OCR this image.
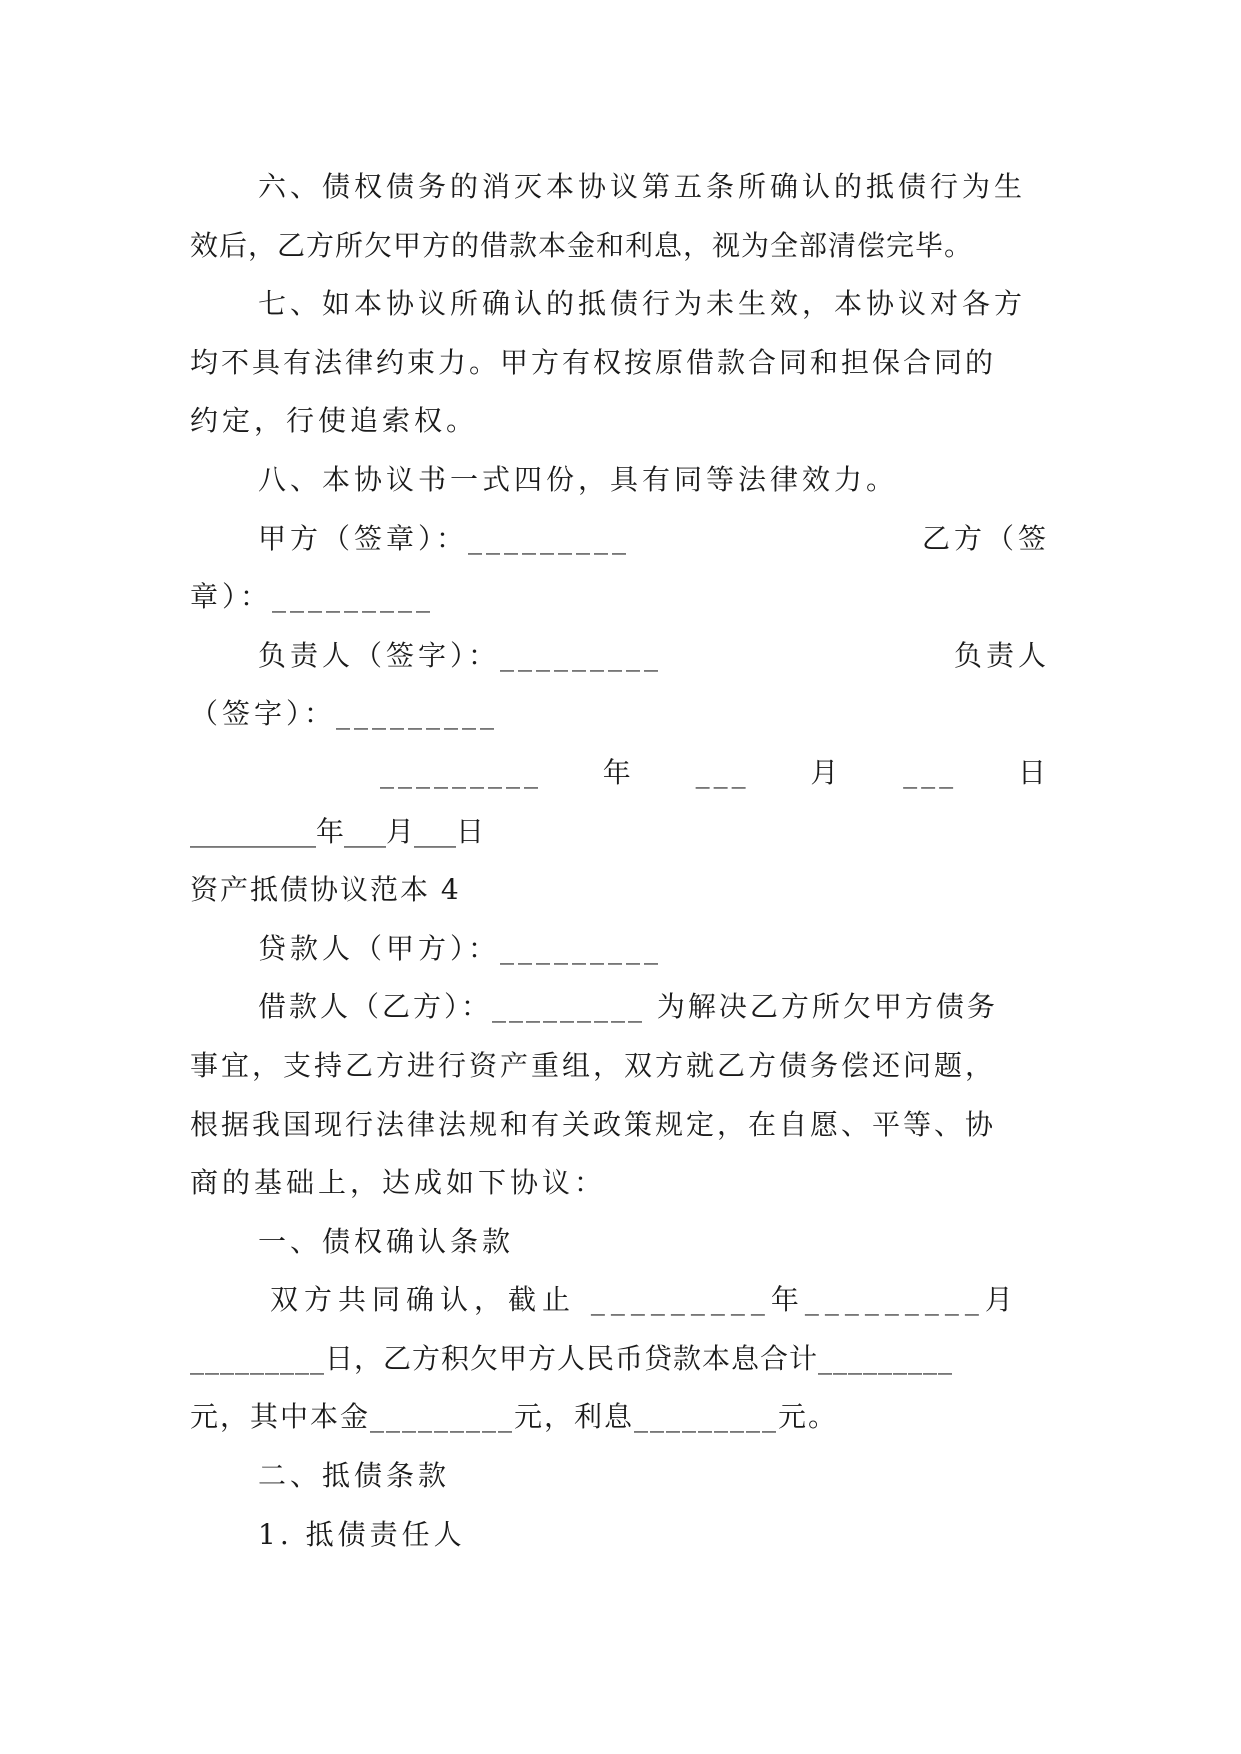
六、债权债务的消灭本协议第五条所确认的抵债行为生
效后，乙方所欠甲方的借款本金和利息，视为全部清偿完毕。
七、如本协议所确认的抵债行为未生效，本协议对各方
均不具有法律约束力。甲方有权按原借款合同和担保合同的
约定，行使追索权。
八、本协议书一式四份，具有同等法律效力。
甲方（签章）：_________	乙方（签
章）：_________
负责人（签字）：_________	负责人
（签字）：_________
_________ 年 ___ 月 ___ 日
_________年___月___日
资产抵债协议范本 4
贷款人（甲方）：_________
借款人（乙方）：_________ 为解决乙方所欠甲方债务
事宜，支持乙方进行资产重组，双方就乙方债务偿还问题，
根据我国现行法律法规和有关政策规定，在自愿、平等、协
商的基础上，达成如下协议：
一、债权确认条款
双方共同确认，截止 _________年_________月
_________日，乙方积欠甲方人民币贷款本息合计_________
元，其中本金_________元，利息_________元。
二、抵债条款
1. 抵债责任人
